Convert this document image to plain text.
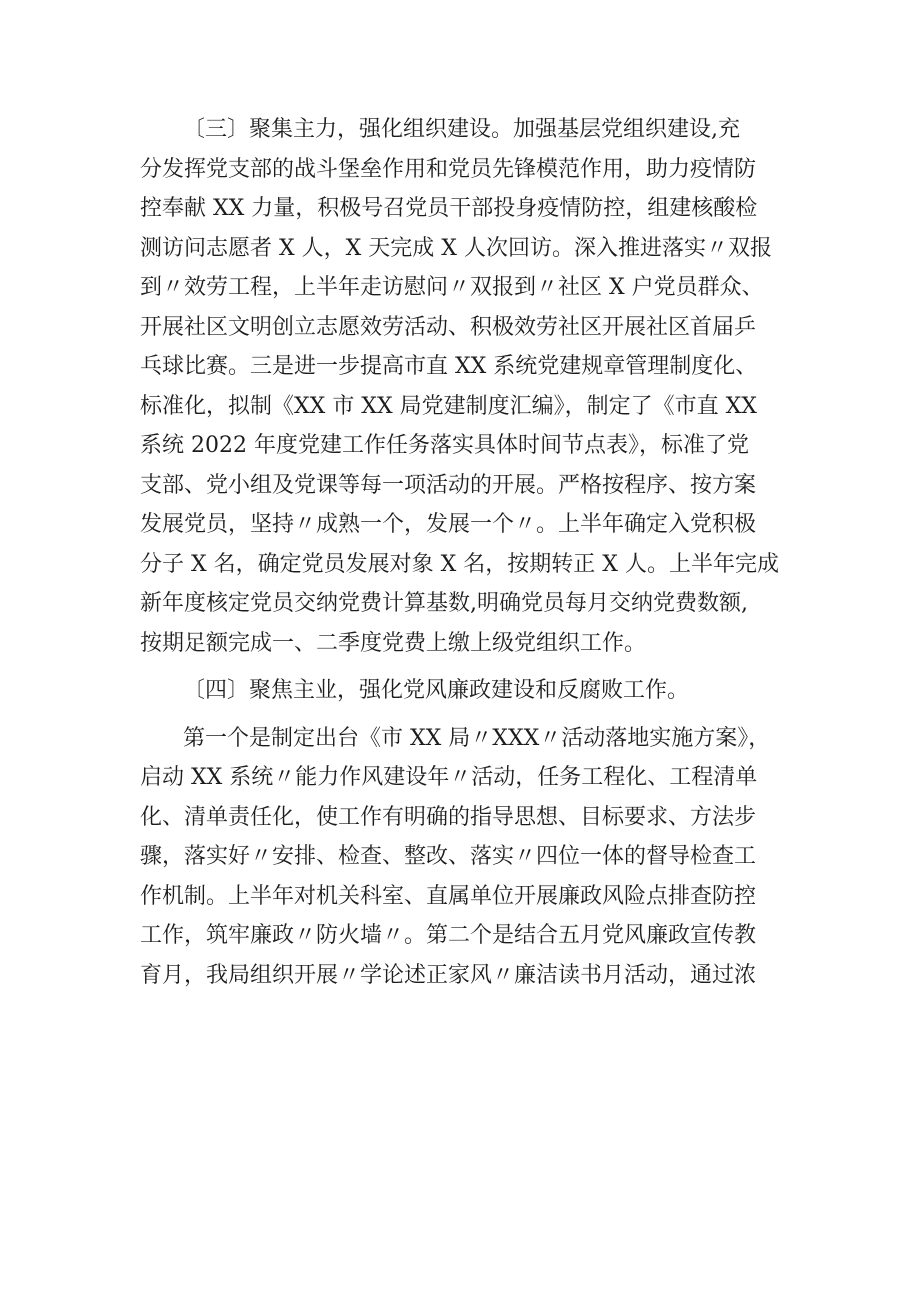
〔三〕聚集主力，强化组织建设。加强基层党组织建设,充
分发挥党支部的战斗堡垒作用和党员先锋模范作用，助力疫情防
控奉献 XX 力量，积极号召党员干部投身疫情防控，组建核酸检
测访问志愿者 X 人，X 天完成 X 人次回访。深入推进落实〃双报
到〃效劳工程，上半年走访慰问〃双报到〃社区 X 户党员群众、
开展社区文明创立志愿效劳活动、积极效劳社区开展社区首届乒
乓球比赛。三是进一步提高市直 XX 系统党建规章管理制度化、
标准化，拟制《XX 市 XX 局党建制度汇编》，制定了《市直 XX
系统 2022 年度党建工作任务落实具体时间节点表》，标准了党
支部、党小组及党课等每一项活动的开展。严格按程序、按方案
发展党员，坚持〃成熟一个，发展一个〃。上半年确定入党积极
分子 X 名，确定党员发展对象 X 名，按期转正 X 人。上半年完成
新年度核定党员交纳党费计算基数,明确党员每月交纳党费数额,
按期足额完成一、二季度党费上缴上级党组织工作。
〔四〕聚焦主业，强化党风廉政建设和反腐败工作。
第一个是制定出台《市 XX 局〃XXX〃活动落地实施方案》，
启动 XX 系统〃能力作风建设年〃活动，任务工程化、工程清单
化、清单责任化，使工作有明确的指导思想、目标要求、方法步
骤，落实好〃安排、检查、整改、落实〃四位一体的督导检查工
作机制。上半年对机关科室、直属单位开展廉政风险点排查防控
工作，筑牢廉政〃防火墙〃。第二个是结合五月党风廉政宣传教
育月，我局组织开展〃学论述正家风〃廉洁读书月活动，通过浓
